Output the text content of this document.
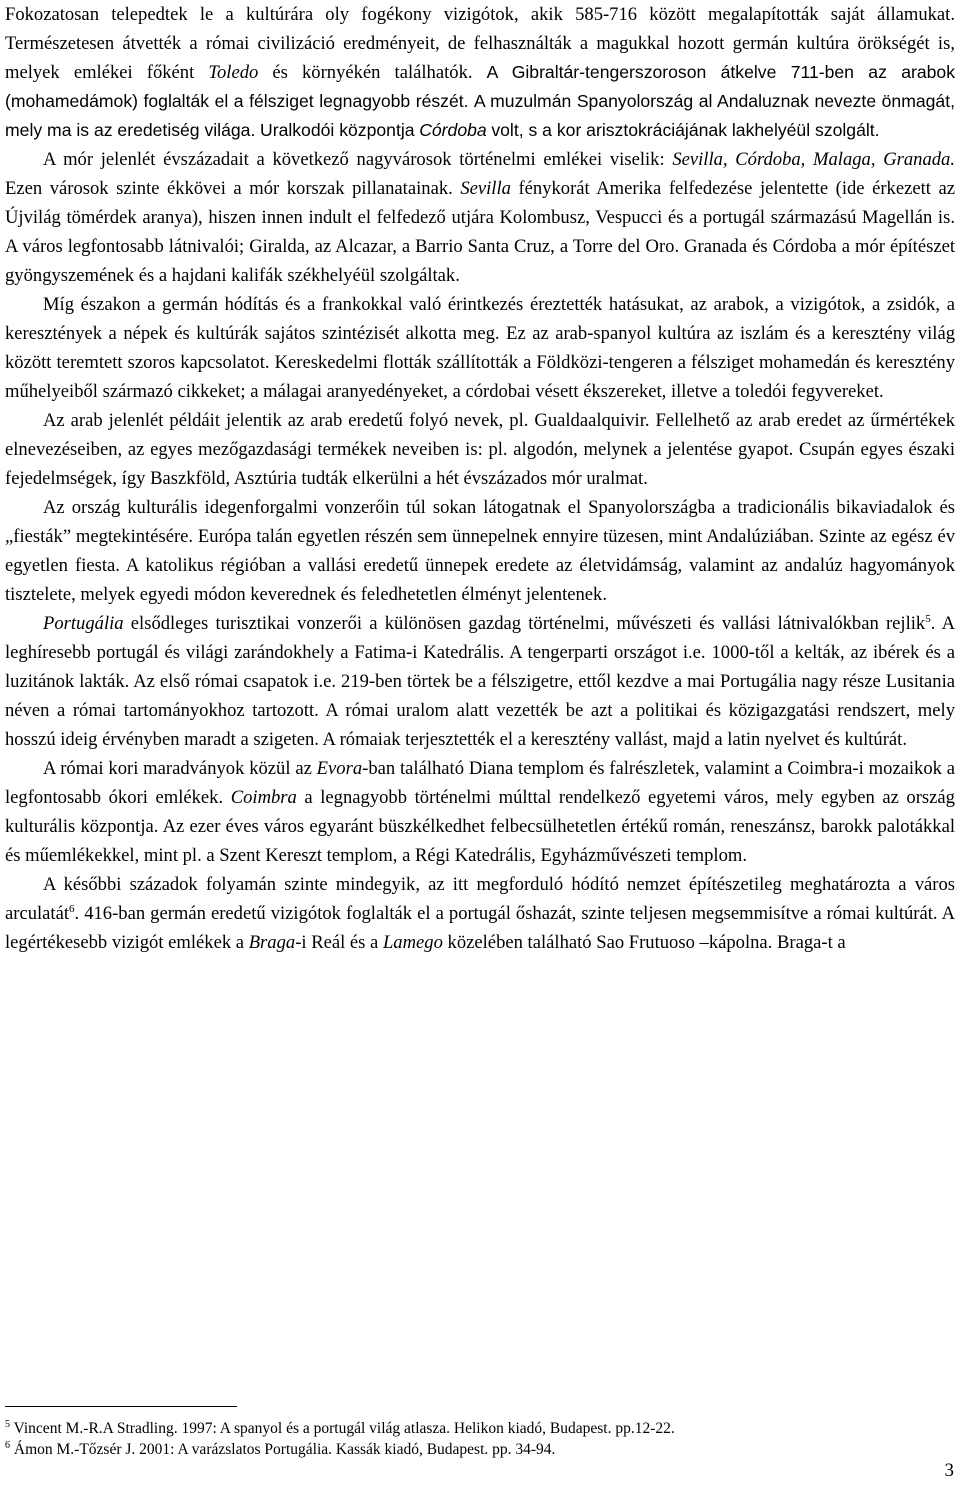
Fokozatosan telepedtek le a kultúrára oly fogékony vizigótok, akik 585-716 között megalapították saját államukat. Természetesen átvették a római civilizáció eredményeit, de felhasználták a magukkal hozott germán kultúra örökségét is, melyek emlékei főként Toledo és környékén találhatók. A Gibraltár-tengerszoroson átkelve 711-ben az arabok (mohamedámok) foglalták el a félsziget legnagyobb részét. A muzulmán Spanyolország al Andaluznak nevezte önmagát, mely ma is az eredetiség világa. Uralkodói központja Córdoba volt, s a kor arisztokráciájának lakhelyéül szolgált.

A mór jelenlét évszázadait a következő nagyvárosok történelmi emlékei viselik: Sevilla, Córdoba, Malaga, Granada. Ezen városok szinte ékkövei a mór korszak pillanatainak. Sevilla fénykorát Amerika felfedezése jelentette (ide érkezett az Újvilág tömérdek aranya), hiszen innen indult el felfedező utjára Kolombusz, Vespucci és a portugál származású Magellán is. A város legfontosabb látnivalói; Giralda, az Alcazar, a Barrio Santa Cruz, a Torre del Oro. Granada és Córdoba a mór építészet gyöngyszemének és a hajdani kalifák székhelyéül szolgáltak.

Míg északon a germán hódítás és a frankokkal való érintkezés éreztették hatásukat, az arabok, a vizigótok, a zsidók, a keresztények a népek és kultúrák sajátos szintézisét alkotta meg. Ez az arab-spanyol kultúra az iszlám és a keresztény világ között teremtett szoros kapcsolatot. Kereskedelmi flották szállították a Földközi-tengeren a félsziget mohamedán és keresztény műhelyeiből származó cikkeket; a málagai aranyedényeket, a córdobai vésett ékszereket, illetve a toledói fegyvereket.

Az arab jelenlét példáit jelentik az arab eredetű folyó nevek, pl. Gualdaalquivir. Fellelhető az arab eredet az űrmértékek elnevezéseiben, az egyes mezőgazdasági termékek neveiben is: pl. algodón, melynek a jelentése gyapot. Csupán egyes északi fejedelmségek, így Baszkföld, Asztúria tudták elkerülni a hét évszázados mór uralmat.

Az ország kulturális idegenforgalmi vonzerőin túl sokan látogatnak el Spanyolországba a tradicionális bikaviadalok és „fiesták” megtekintésére. Európa talán egyetlen részén sem ünnepelnek ennyire tüzesen, mint Andalúziában. Szinte az egész év egyetlen fiesta. A katolikus régióban a vallási eredetű ünnepek eredete az életvidámság, valamint az andalúz hagyományok tisztelete, melyek egyedi módon keverednek és feledhetetlen élményt jelentenek.

Portugália elsődleges turisztikai vonzerői a különösen gazdag történelmi, művészeti és vallási látnivalókban rejlik$^5$. A leghíresebb portugál és világi zarándokhely a Fatima-i Katedrális. A tengerparti országot i.e. 1000-től a kelták, az ibérek és a luzitánok lakták. Az első római csapatok i.e. 219-ben törtek be a félszigetre, ettől kezdve a mai Portugália nagy része Lusitania néven a római tartományokhoz tartozott. A római uralom alatt vezették be azt a politikai és közigazgatási rendszert, mely hosszú ideig érvényben maradt a szigeten. A rómaiak terjesztették el a keresztény vallást, majd a latin nyelvet és kultúrát.

A római kori maradványok közül az Evora-ban található Diana templom és falrészletek, valamint a Coimbra-i mozaikok a legfontosabb ókori emlékek. Coimbra a legnagyobb történelmi múlttal rendelkező egyetemi város, mely egyben az ország kulturális központja. Az ezer éves város egyaránt büszkélkedhet felbecsülhetetlen értékű román, reneszánsz, barokk palotákkal és műemlékekkel, mint pl. a Szent Kereszt templom, a Régi Katedrális, Egyházművészeti templom.

A későbbi századok folyamán szinte mindegyik, az itt megforduló hódító nemzet építészetileg meghatározta a város arculatát$^6$. 416-ban germán eredetű vizigótok foglalták el a portugál őshazát, szinte teljesen megsemmisítve a római kultúrát. A legértékesebb vizigót emlékek a Braga-i Reál és a Lamego közelében található Sao Frutuoso –kápolna. Braga-t a

$^5$ Vincent M.-R.A Stradling. 1997: A spanyol és a portugál világ atlasza. Helikon kiadó, Budapest. pp.12-22.
$^6$ Ámon M.-Tőzsér J. 2001: A varázslatos Portugália. Kassák kiadó, Budapest. pp. 34-94.
3
